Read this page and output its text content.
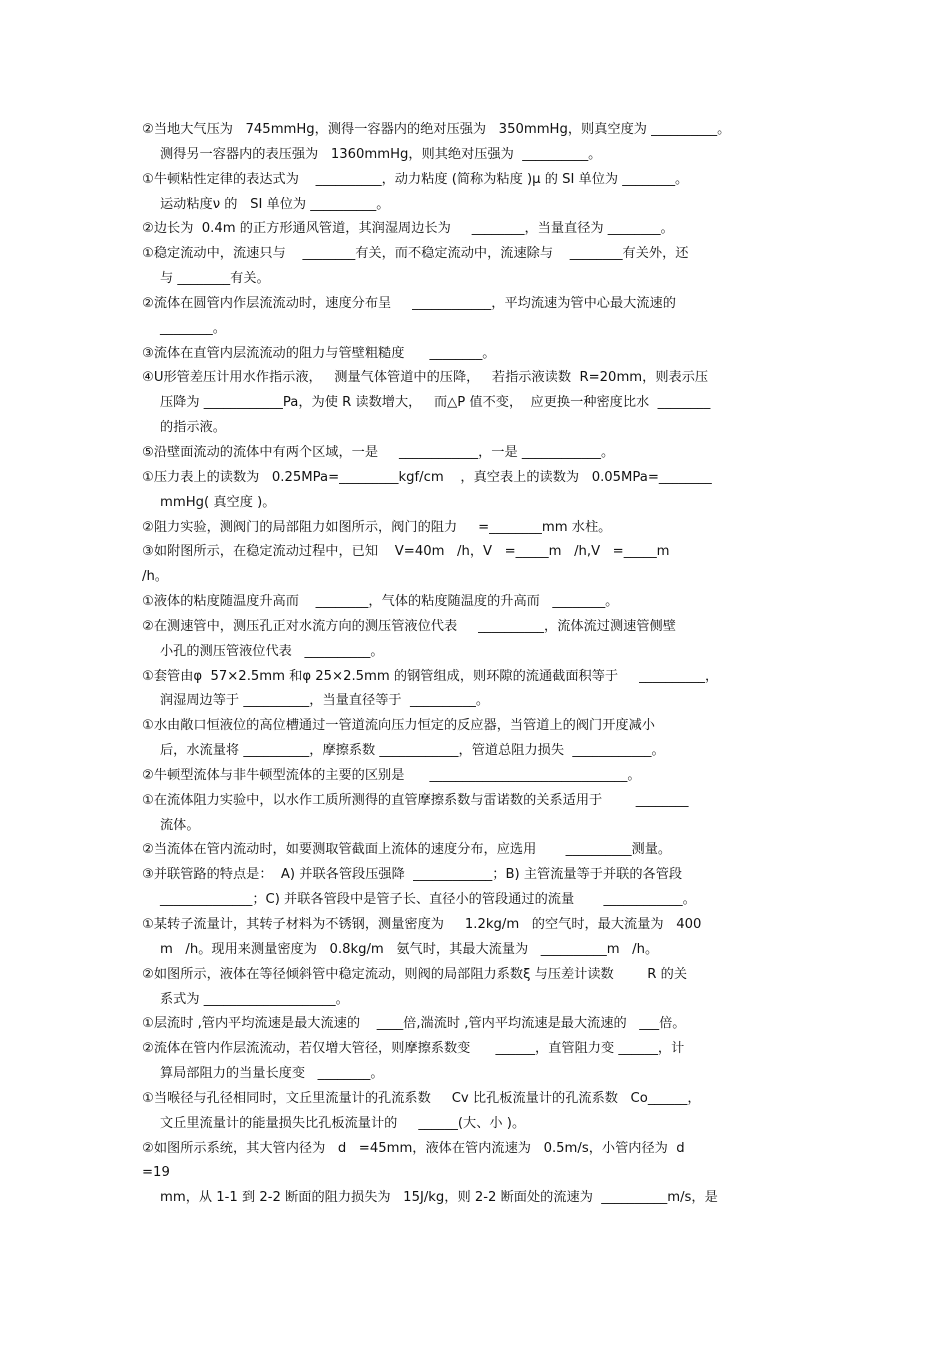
②当地大气压为   745mmHg，测得一容器内的绝对压强为   350mmHg，则真空度为 __________。
测得另一容器内的表压强为   1360mmHg，则其绝对压强为  __________。
①牛顿粘性定律的表达式为    __________，动力粘度 (简称为粘度 )μ 的 SI 单位为 ________。
运动粘度ν 的   SI 单位为 __________。
②边长为  0.4m 的正方形通风管道，其润湿周边长为     ________，当量直径为 ________。
①稳定流动中，流速只与    ________有关，而不稳定流动中，流速除与    ________有关外，还
与 ________有关。
②流体在圆管内作层流流动时，速度分布呈     ____________，平均流速为管中心最大流速的
________。
③流体在直管内层流流动的阻力与管壁粗糙度      ________。
④U形管差压计用水作指示液，   测量气体管道中的压降，   若指示液读数  R=20mm，则表示压
压降为 ____________Pa，为使 R 读数增大，   而△P 值不变，  应更换一种密度比水  ________
的指示液。
⑤沿壁面流动的流体中有两个区域，一是     ____________，一是 ____________。
①压力表上的读数为   0.25MPa=_________kgf/cm    ，真空表上的读数为   0.05MPa=________
mmHg( 真空度 )。
②阻力实验，测阀门的局部阻力如图所示，阀门的阻力     =________mm 水柱。
③如附图所示，在稳定流动过程中，已知    V=40m   /h，V   =_____m   /h,V   =_____m
/h。
①液体的粘度随温度升高而    ________，气体的粘度随温度的升高而   ________。
②在测速管中，测压孔正对水流方向的测压管液位代表     __________，流体流过测速管侧壁
小孔的测压管液位代表   __________。
①套管由φ  57×2.5mm 和φ 25×2.5mm 的钢管组成，则环隙的流通截面积等于     __________，
润湿周边等于 __________，当量直径等于  __________。
①水由敞口恒液位的高位槽通过一管道流向压力恒定的反应器，当管道上的阀门开度减小
后，水流量将 __________，摩擦系数 ____________，管道总阻力损失  ____________。
②牛顿型流体与非牛顿型流体的主要的区别是      ______________________________。
①在流体阻力实验中，以水作工质所测得的直管摩擦系数与雷诺数的关系适用于        ________
流体。
②当流体在管内流动时，如要测取管截面上流体的速度分布，应选用       __________测量。
③并联管路的特点是：  A) 并联各管段压强降  ____________；B) 主管流量等于并联的各管段
______________；C) 并联各管段中是管子长、直径小的管段通过的流量       ____________。
①某转子流量计，其转子材料为不锈钢，测量密度为     1.2kg/m   的空气时，最大流量为   400
m   /h。现用来测量密度为   0.8kg/m   氨气时，其最大流量为   __________m   /h。
②如图所示，液体在等径倾斜管中稳定流动，则阀的局部阻力系数ξ 与压差计读数        R 的关
系式为 ____________________。
①层流时 ,管内平均流速是最大流速的    ____倍,湍流时 ,管内平均流速是最大流速的   ___倍。
②流体在管内作层流流动，若仅增大管径，则摩擦系数变      ______，直管阻力变 ______，计
算局部阻力的当量长度变   ________。
①当喉径与孔径相同时，文丘里流量计的孔流系数     Cv 比孔板流量计的孔流系数   Co______，
文丘里流量计的能量损失比孔板流量计的     ______(大、小 )。
②如图所示系统，其大管内径为   d   =45mm，液体在管内流速为   0.5m/s，小管内径为  d
=19
mm，从 1-1 到 2-2 断面的阻力损失为   15J/kg，则 2-2 断面处的流速为  __________m/s，是
